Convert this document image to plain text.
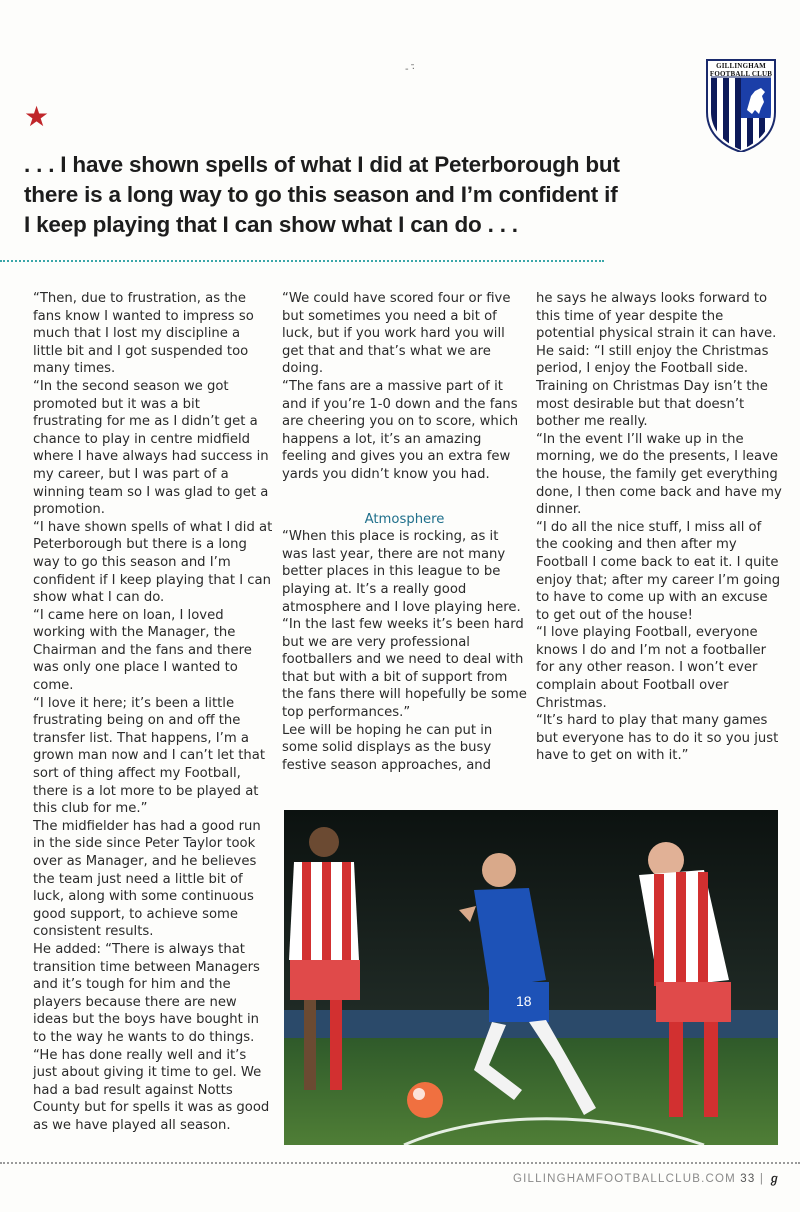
- ·̄
★
GILLINGHAM
FOOTBALL CLUB
. . . I have shown spells of what I did at Peterborough but there is a long way to go this season and I’m confident if I keep playing that I can show what I can do . . .

“Then, due to frustration, as the fans know I wanted to impress so much that I lost my discipline a little bit and I got suspended too many times.

“In the second season we got promoted but it was a bit frustrating for me as I didn’t get a chance to play in centre midfield where I have always had success in my career, but I was part of a winning team so I was glad to get a promotion.

“I have shown spells of what I did at Peterborough but there is a long way to go this season and I’m confident if I keep playing that I can show what I can do.

“I came here on loan, I loved working with the Manager, the Chairman and the fans and there was only one place I wanted to come.

“I love it here; it’s been a little frustrating being on and off the transfer list. That happens, I’m a grown man now and I can’t let that sort of thing affect my Football, there is a lot more to be played at this club for me.”

The midfielder has had a good run in the side since Peter Taylor took over as Manager, and he believes the team just need a little bit of luck, along with some continuous good support, to achieve some consistent results.

He added: “There is always that transition time between Managers and it’s tough for him and the players because there are new ideas but the boys have bought in to the way he wants to do things.

“He has done really well and it’s just about giving it time to gel. We had a bad result against Notts County but for spells it was as good as we have played all season.

“We could have scored four or five but sometimes you need a bit of luck, but if you work hard you will get that and that’s what we are doing.

“The fans are a massive part of it and if you’re 1-0 down and the fans are cheering you on to score, which happens a lot, it’s an amazing feeling and gives you an extra few yards you didn’t know you had.

Atmosphere

“When this place is rocking, as it was last year, there are not many better places in this league to be playing at. It’s a really good atmosphere and I love playing here.

“In the last few weeks it’s been hard but we are very professional footballers and we need to deal with that but with a bit of support from the fans there will hopefully be some top performances.”

Lee will be hoping he can put in some solid displays as the busy festive season approaches, and

he says he always looks forward to this time of year despite the potential physical strain it can have.

He said: “I still enjoy the Christmas period, I enjoy the Football side. Training on Christmas Day isn’t the most desirable but that doesn’t bother me really.

“In the event I’ll wake up in the morning, we do the presents, I leave the house, the family get everything done, I then come back and have my dinner.

“I do all the nice stuff, I miss all of the cooking and then after my Football I come back to eat it. I quite enjoy that; after my career I’m going to have to come up with an excuse to get out of the house!

“I love playing Football, everyone knows I do and I’m not a footballer for any other reason. I won’t ever complain about Football over Christmas.

“It’s hard to play that many games but everyone has to do it so you just have to get on with it.”

18
GILLINGHAMFOOTBALLCLUB.COM 33 | ℊ
